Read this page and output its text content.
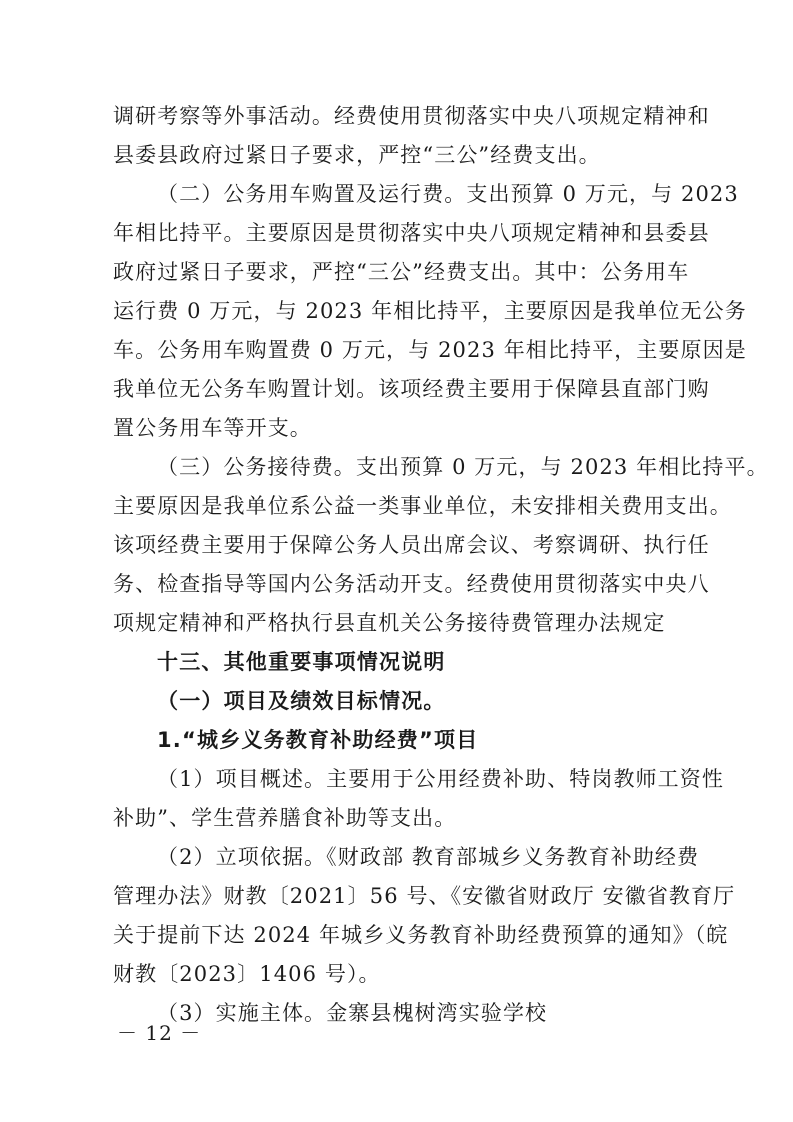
调研考察等外事活动。经费使用贯彻落实中央八项规定精神和
县委县政府过紧日子要求，严控“三公”经费支出。
（二）公务用车购置及运行费。支出预算 0 万元，与 2023
年相比持平。主要原因是贯彻落实中央八项规定精神和县委县
政府过紧日子要求，严控“三公”经费支出。其中：公务用车
运行费 0 万元，与 2023 年相比持平，主要原因是我单位无公务
车。公务用车购置费 0 万元，与 2023 年相比持平，主要原因是
我单位无公务车购置计划。该项经费主要用于保障县直部门购
置公务用车等开支。
（三）公务接待费。支出预算 0 万元，与 2023 年相比持平。
主要原因是我单位系公益一类事业单位，未安排相关费用支出。
该项经费主要用于保障公务人员出席会议、考察调研、执行任
务、检查指导等国内公务活动开支。经费使用贯彻落实中央八
项规定精神和严格执行县直机关公务接待费管理办法规定
十三、其他重要事项情况说明
（一）项目及绩效目标情况。
1.“城乡义务教育补助经费”项目
（1）项目概述。主要用于公用经费补助、特岗教师工资性
补助”、学生营养膳食补助等支出。
（2）立项依据。《财政部 教育部城乡义务教育补助经费
管理办法》财教〔2021〕56 号、《安徽省财政厅 安徽省教育厅
关于提前下达 2024 年城乡义务教育补助经费预算的通知》（皖
财教〔2023〕1406 号）。
（3）实施主体。金寨县槐树湾实验学校
－ 12 －
